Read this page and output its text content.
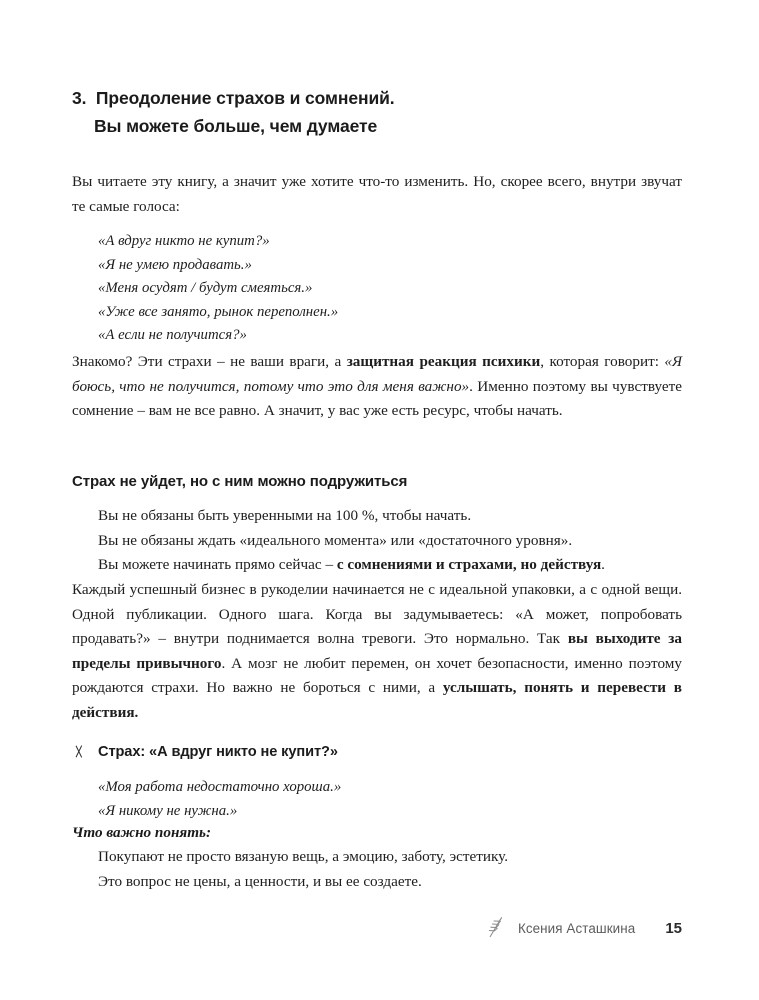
3.  Преодоление страхов и сомнений.
Вы можете больше, чем думаете

Вы читаете эту книгу, а значит уже хотите что-то изменить. Но, скорее всего, внутри звучат те самые голоса:

«А вдруг никто не купит?»
«Я не умею продавать.»
«Меня осудят / будут смеяться.»
«Уже все занято, рынок переполнен.»
«А если не получится?»

Знакомо? Эти страхи – не ваши враги, а защитная реакция психики, которая говорит: «Я боюсь, что не получится, потому что это для меня важно». Именно поэтому вы чувствуете сомнение – вам не все равно. А значит, у вас уже есть ресурс, чтобы начать.

Страх не уйдет, но с ним можно подружиться
Вы не обязаны быть уверенными на 100 %, чтобы начать.
Вы не обязаны ждать «идеального момента» или «достаточного уровня».
Вы можете начинать прямо сейчас – с сомнениями и страхами, но действуя.

Каждый успешный бизнес в рукоделии начинается не с идеальной упаковки, а с одной вещи. Одной публикации. Одного шага. Когда вы задумываетесь: «А может, попробовать продавать?» – внутри поднимается волна тревоги. Это нормально. Так вы выходите за пределы привычного. А мозг не любит перемен, он хочет безопасности, именно поэтому рождаются страхи. Но важно не бороться с ними, а услышать, понять и перевести в действия.

Страх: «А вдруг никто не купит?»
«Моя работа недостаточно хороша.»
«Я никому не нужна.»
Что важно понять:
Покупают не просто вязаную вещь, а эмоцию, заботу, эстетику.
Это вопрос не цены, а ценности, и вы ее создаете.
Ксения Асташкина 15
